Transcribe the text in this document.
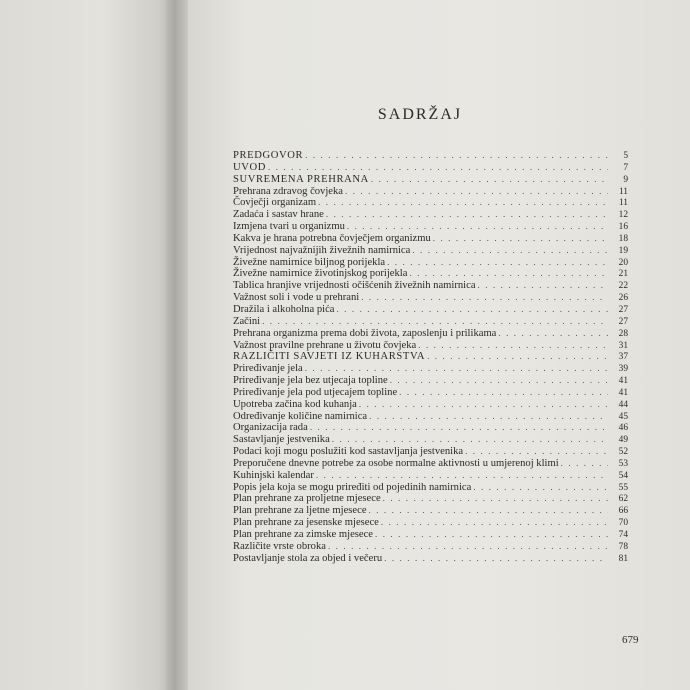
SADRŽAJ
PREDGOVOR . . .	5
UVOD . . .	7
SUVREMENA PREHRANA . . .	9
Prehrana zdravog čovjeka . . .	11
Čovječji organizam . . .	11
Zadaća i sastav hrane . . .	12
Izmjena tvari u organizmu . . .	16
Kakva je hrana potrebna čovječjem organizmu . . .	18
Vrijednost najvažnijih živežnih namirnica . . .	19
Živežne namirnice biljnog porijekla . . .	20
Živežne namirnice životinjskog porijekla . . .	21
Tablica hranjive vrijednosti očišćenih živežnih namirnica . . .	22
Važnost soli i vode u prehrani . . .	26
Dražila i alkoholna pića . . .	27
Začini . . .	27
Prehrana organizma prema dobi života, zaposlenju i prilikama . . .	28
Važnost pravilne prehrane u životu čovjeka . . .	31
RAZLIČITI SAVJETI IZ KUHARSTVA . . .	37
Priređivanje jela . . .	39
Priređivanje jela bez utjecaja topline . . .	41
Priređivanje jela pod utjecajem topline . . .	41
Upotreba začina kod kuhanja . . .	44
Određivanje količine namirnica . . .	45
Organizacija rada . . .	46
Sastavljanje jestvenika . . .	49
Podaci koji mogu poslužiti kod sastavljanja jestvenika . . .	52
Preporučene dnevne potrebe za osobe normalne aktivnosti u umjerenoj klimi . . .	53
Kuhinjski kalendar . . .	54
Popis jela koja se mogu priređiti od pojedinih namirnica . . .	55
Plan prehrane za proljetne mjesece . . .	62
Plan prehrane za ljetne mjesece . . .	66
Plan prehrane za jesenske mjesece . . .	70
Plan prehrane za zimske mjesece . . .	74
Različite vrste obroka . . .	78
Postavljanje stola za objed i večeru . . .	81
679
